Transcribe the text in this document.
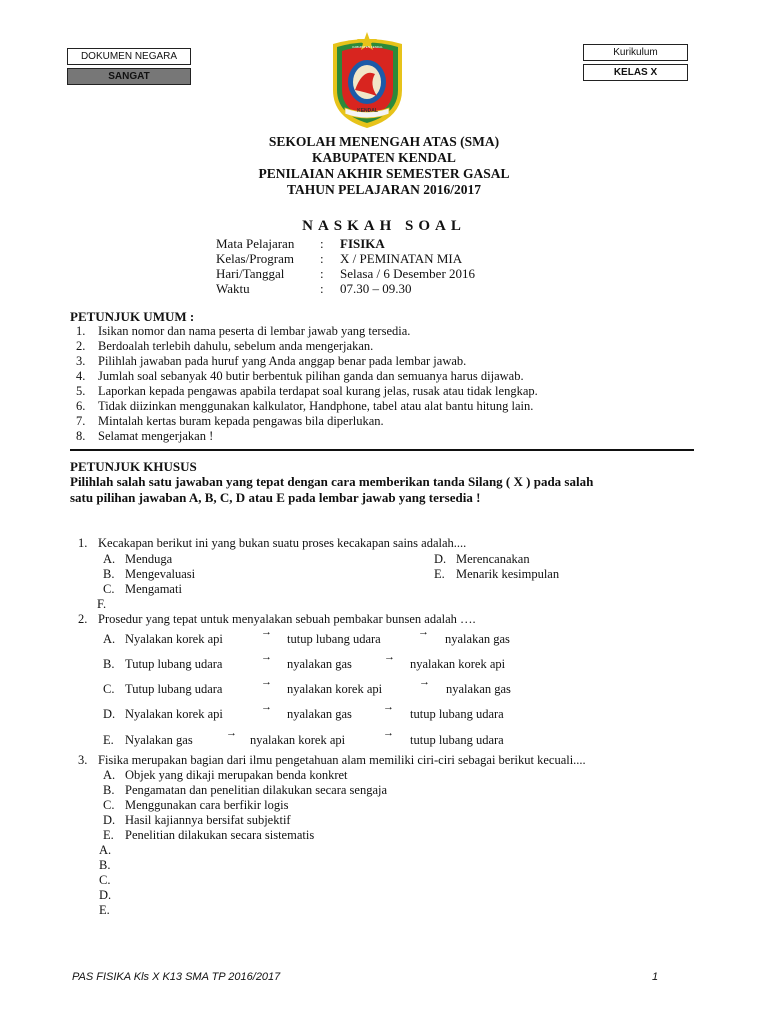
DOKUMEN NEGARA
SANGAT
Kurikulum
KELAS X
KABUPATEN KENDAL
KENDAL
SEKOLAH MENENGAH ATAS (SMA)
KABUPATEN KENDAL
PENILAIAN AKHIR SEMESTER GASAL
TAHUN PELAJARAN 2016/2017
NASKAH SOAL
Mata Pelajaran : FISIKA
Kelas/Program : X / PEMINATAN MIA
Hari/Tanggal	: Selasa / 6 Desember 2016
Waktu	: 07.30 – 09.30
PETUNJUK UMUM :
1. Isikan nomor dan nama peserta di lembar jawab yang tersedia.
2. Berdoalah terlebih dahulu, sebelum anda mengerjakan.
3. Pilihlah jawaban pada huruf yang Anda anggap benar pada lembar jawab.
4. Jumlah soal sebanyak 40 butir berbentuk pilihan ganda dan semuanya harus dijawab.
5. Laporkan kepada pengawas apabila terdapat soal kurang jelas, rusak atau tidak lengkap.
6. Tidak diizinkan menggunakan kalkulator, Handphone, tabel atau alat bantu hitung lain.
7. Mintalah kertas buram kepada pengawas bila diperlukan.
8. Selamat mengerjakan !
PETUNJUK KHUSUS
Pilihlah salah satu jawaban yang tepat dengan cara memberikan tanda Silang ( X ) pada salah
satu pilihan jawaban A, B, C, D atau E pada lembar jawab yang tersedia !
1. Kecakapan berikut ini yang bukan suatu proses kecakapan sains adalah....
A. Menduga	D. Merencanakan
B. Mengevaluasi	E. Menarik kesimpulan
C. Mengamati
F.
2. Prosedur yang tepat untuk menyalakan sebuah pembakar bunsen adalah ….
A. Nyalakan korek api	→ tutup lubang udara	→ nyalakan gas
B. Tutup lubang udara	→ nyalakan gas	→ nyalakan korek api
C. Tutup lubang udara	→ nyalakan korek api	→ nyalakan gas
D. Nyalakan korek api	→ nyalakan gas	→ tutup lubang udara
E. Nyalakan gas	→ nyalakan korek api	→ tutup lubang udara
3. Fisika merupakan bagian dari ilmu pengetahuan alam memiliki ciri-ciri sebagai berikut kecuali....
A. Objek yang dikaji merupakan benda konkret
B. Pengamatan dan penelitian dilakukan secara sengaja
C. Menggunakan cara berfikir logis
D. Hasil kajiannya bersifat subjektif
E. Penelitian dilakukan secara sistematis
A.
B.
C.
D.
E.
PAS FISIKA Kls X K13 SMA TP 2016/2017	1
